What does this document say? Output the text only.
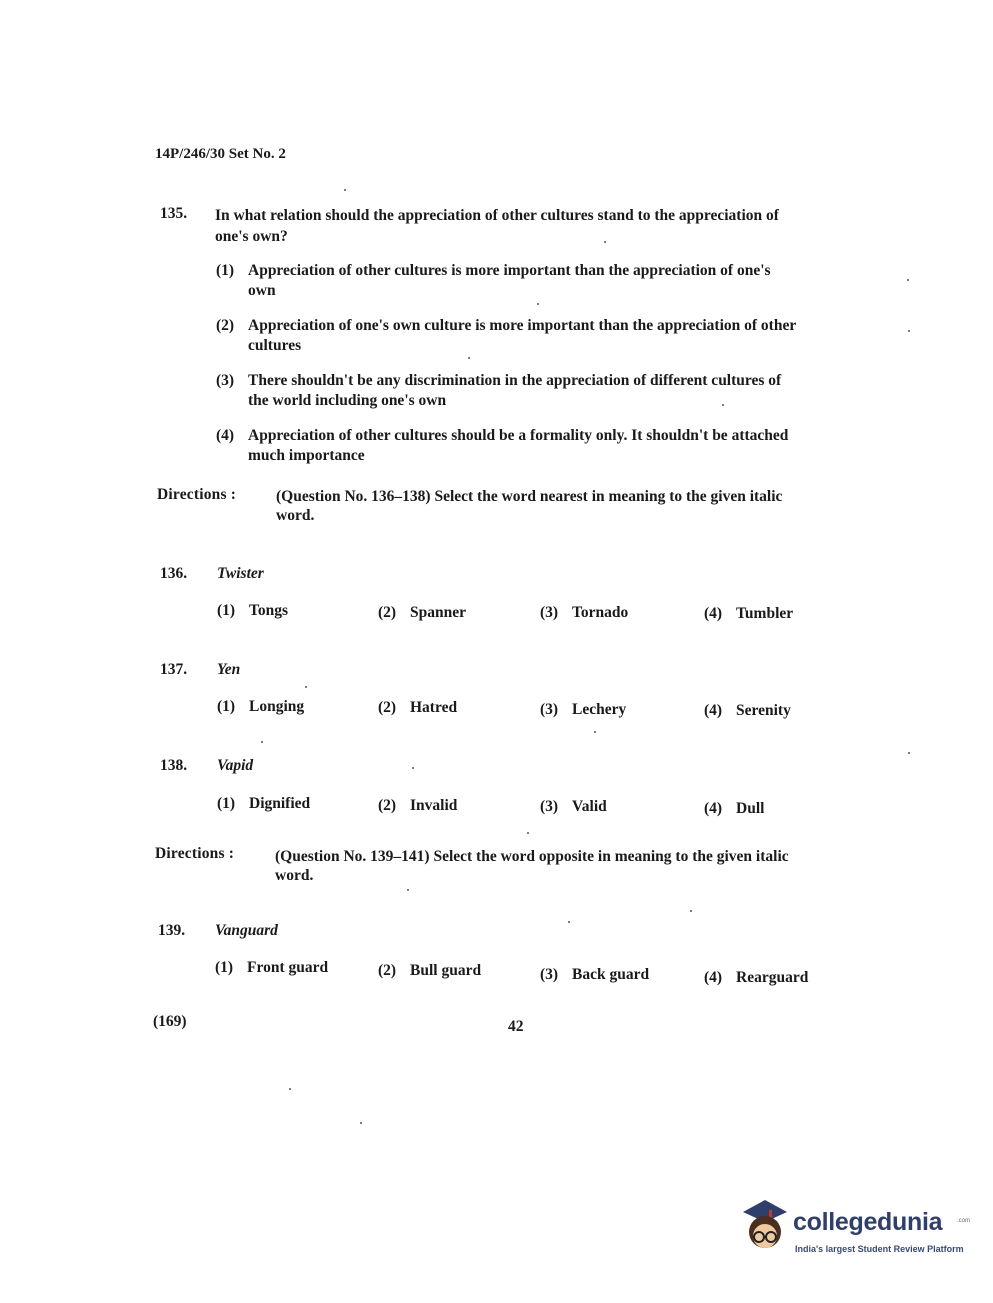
14P/246/30 Set No. 2
135. In what relation should the appreciation of other cultures stand to the appreciation of
one's own?
(1) Appreciation of other cultures is more important than the appreciation of one's
own
(2) Appreciation of one's own culture is more important than the appreciation of other
cultures
(3) There shouldn't be any discrimination in the appreciation of different cultures of
the world including one's own
(4) Appreciation of other cultures should be a formality only. It shouldn't be attached
much importance
Directions :	(Question No. 136–138) Select the word nearest in meaning to the given italic
word.
136. Twister
(1) Tongs	(2) Spanner	(3) Tornado	(4) Tumbler
137. Yen
(1) Longing	(2) Hatred	(3) Lechery	(4) Serenity
138. Vapid
(1) Dignified	(2) Invalid	(3) Valid	(4) Dull
Directions :	(Question No. 139–141) Select the word opposite in meaning to the given italic
word.
139. Vanguard
(1) Front guard	(2) Bull guard	(3) Back guard	(4) Rearguard
(169)	42
collegedunia .com
India's largest Student Review Platform
